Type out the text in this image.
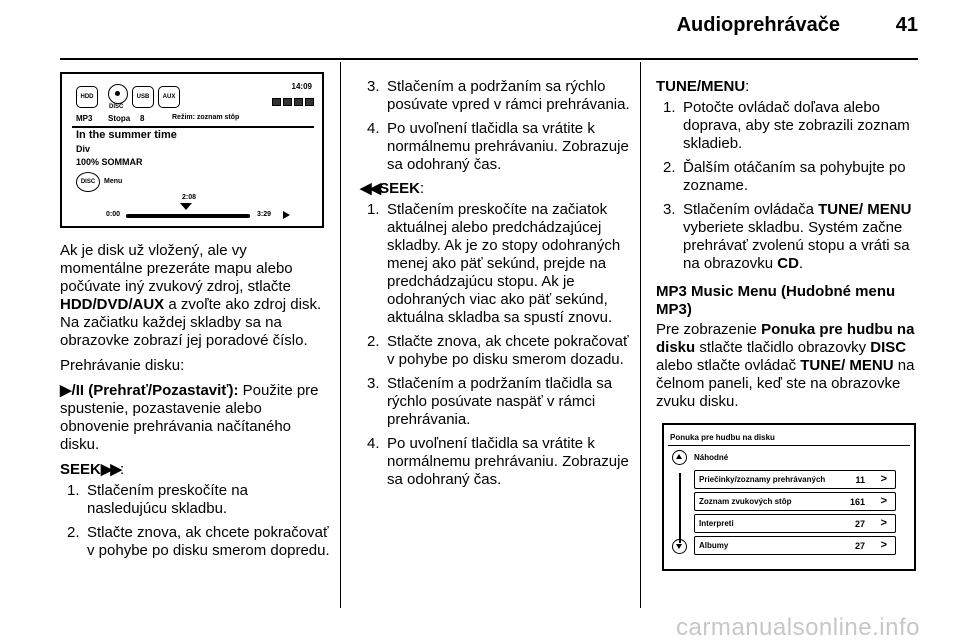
Audioprehrávače	41
HDD
DISC
USB	AUX
14:09
MP3 Stopa 8	Režim: zoznam stôp
In the summer time
Div
100% SOMMAR
DISC	Menu
2:08
0:00	3:29

Ak je disk už vložený, ale vy momentálne prezeráte mapu alebo počúvate iný zvukový zdroj, stlačte HDD/DVD/AUX a zvoľte ako zdroj disk. Na začiatku každej skladby sa na obrazovke zobrazí jej poradové číslo.

Prehrávanie disku:

▶/II (Prehrať/Pozastaviť): Použite pre spustenie, pozastavenie alebo obnovenie prehrávania načítaného disku.

SEEK▶▶:

1. Stlačením preskočíte na nasledujúcu skladbu.
2. Stlačte znova, ak chcete pokračovať v pohybe po disku smerom dopredu.
3. Stlačením a podržaním sa rýchlo posúvate vpred v rámci prehrávania.
4. Po uvoľnení tlačidla sa vrátite k normálnemu prehrávaniu. Zobrazuje sa odohraný čas.

◀◀SEEK:

1. Stlačením preskočíte na začiatok aktuálnej alebo predchádzajúcej skladby. Ak je zo stopy odohraných menej ako päť sekúnd, prejde na predchádzajúcu stopu. Ak je odohraných viac ako päť sekúnd, aktuálna skladba sa spustí znovu.
2. Stlačte znova, ak chcete pokračovať v pohybe po disku smerom dozadu.
3. Stlačením a podržaním tlačidla sa rýchlo posúvate naspäť v rámci prehrávania.
4. Po uvoľnení tlačidla sa vrátite k normálnemu prehrávaniu. Zobrazuje sa odohraný čas.

TUNE/MENU:

1. Potočte ovládač doľava alebo doprava, aby ste zobrazili zoznam skladieb.
2. Ďalším otáčaním sa pohybujte po zozname.
3. Stlačením ovládača TUNE/ MENU vyberiete skladbu. Systém začne prehrávať zvolenú stopu a vráti sa na obrazovku CD.

MP3 Music Menu (Hudobné menu MP3)

Pre zobrazenie Ponuka pre hudbu na disku stlačte tlačidlo obrazovky DISC alebo stlačte ovládač TUNE/ MENU na čelnom paneli, keď ste na obrazovke zvuku disku.

Ponuka pre hudbu na disku
Náhodné
Priečinky/zoznamy prehrávaných	11 >
Zoznam zvukových stôp	161 >
Interpreti	27 >
Albumy	27 >
carmanualsonline.info
